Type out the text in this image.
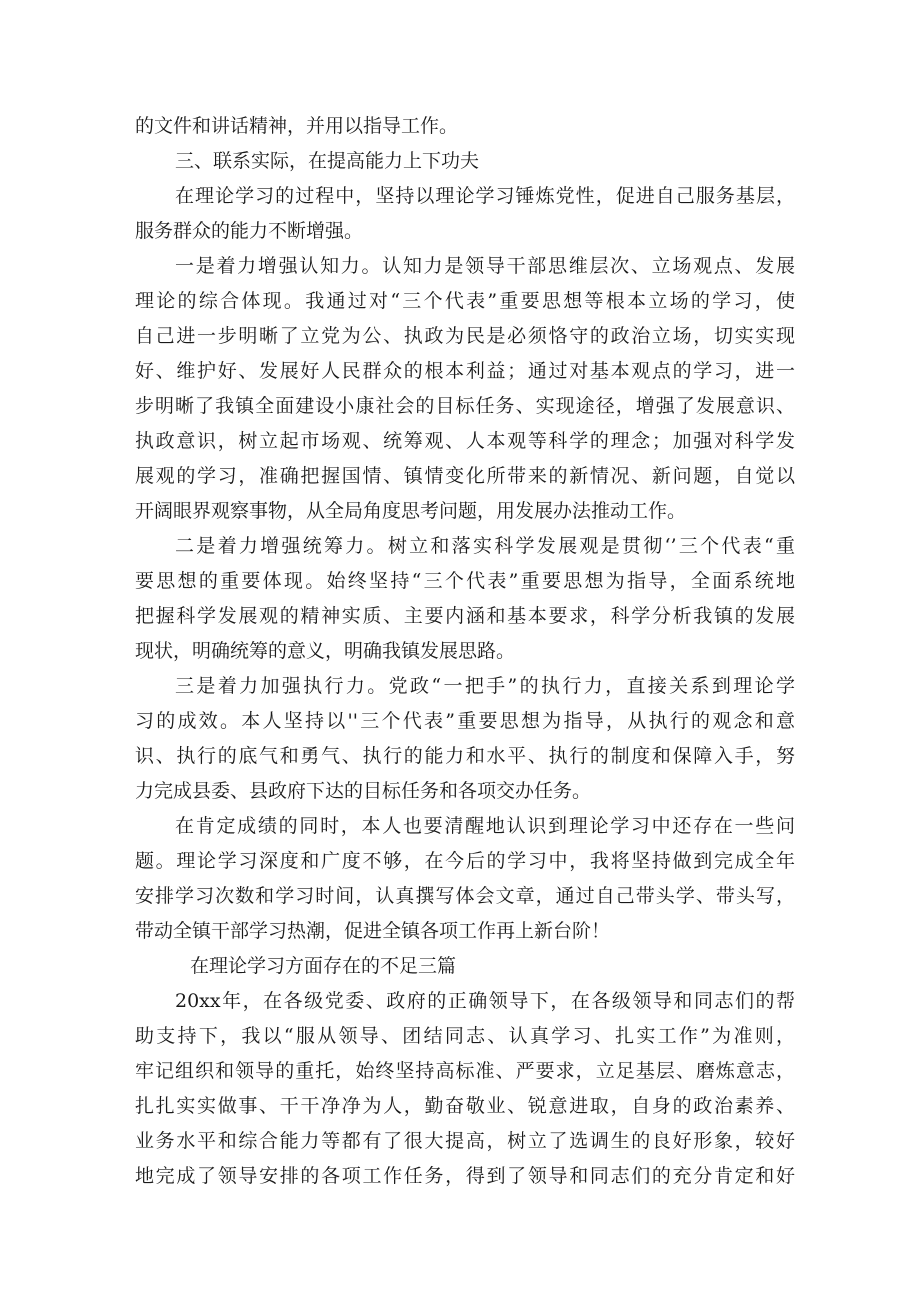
的文件和讲话精神，并用以指导工作。
三、联系实际，在提高能力上下功夫
在理论学习的过程中，坚持以理论学习锤炼党性，促进自己服务基层，
服务群众的能力不断增强。
一是着力增强认知力。认知力是领导干部思维层次、立场观点、发展
理论的综合体现。我通过对“三个代表”重要思想等根本立场的学习，使
自己进一步明晰了立党为公、执政为民是必须恪守的政治立场，切实实现
好、维护好、发展好人民群众的根本利益；通过对基本观点的学习，进一
步明晰了我镇全面建设小康社会的目标任务、实现途径，增强了发展意识、
执政意识，树立起市场观、统筹观、人本观等科学的理念；加强对科学发
展观的学习，准确把握国情、镇情变化所带来的新情况、新问题，自觉以
开阔眼界观察事物，从全局角度思考问题，用发展办法推动工作。
二是着力增强统筹力。树立和落实科学发展观是贯彻‘’三个代表“重
要思想的重要体现。始终坚持“三个代表”重要思想为指导，全面系统地
把握科学发展观的精神实质、主要内涵和基本要求，科学分析我镇的发展
现状，明确统筹的意义，明确我镇发展思路。
三是着力加强执行力。党政“一把手”的执行力，直接关系到理论学
习的成效。本人坚持以''三个代表”重要思想为指导，从执行的观念和意
识、执行的底气和勇气、执行的能力和水平、执行的制度和保障入手，努
力完成县委、县政府下达的目标任务和各项交办任务。
在肯定成绩的同时，本人也要清醒地认识到理论学习中还存在一些问
题。理论学习深度和广度不够，在今后的学习中，我将坚持做到完成全年
安排学习次数和学习时间，认真撰写体会文章，通过自己带头学、带头写，
带动全镇干部学习热潮，促进全镇各项工作再上新台阶！
在理论学习方面存在的不足三篇
20xx年，在各级党委、政府的正确领导下，在各级领导和同志们的帮
助支持下，我以“服从领导、团结同志、认真学习、扎实工作”为准则，
牢记组织和领导的重托，始终坚持高标准、严要求，立足基层、磨炼意志，
扎扎实实做事、干干净净为人，勤奋敬业、锐意进取，自身的政治素养、
业务水平和综合能力等都有了很大提高，树立了选调生的良好形象，较好
地完成了领导安排的各项工作任务，得到了领导和同志们的充分肯定和好
